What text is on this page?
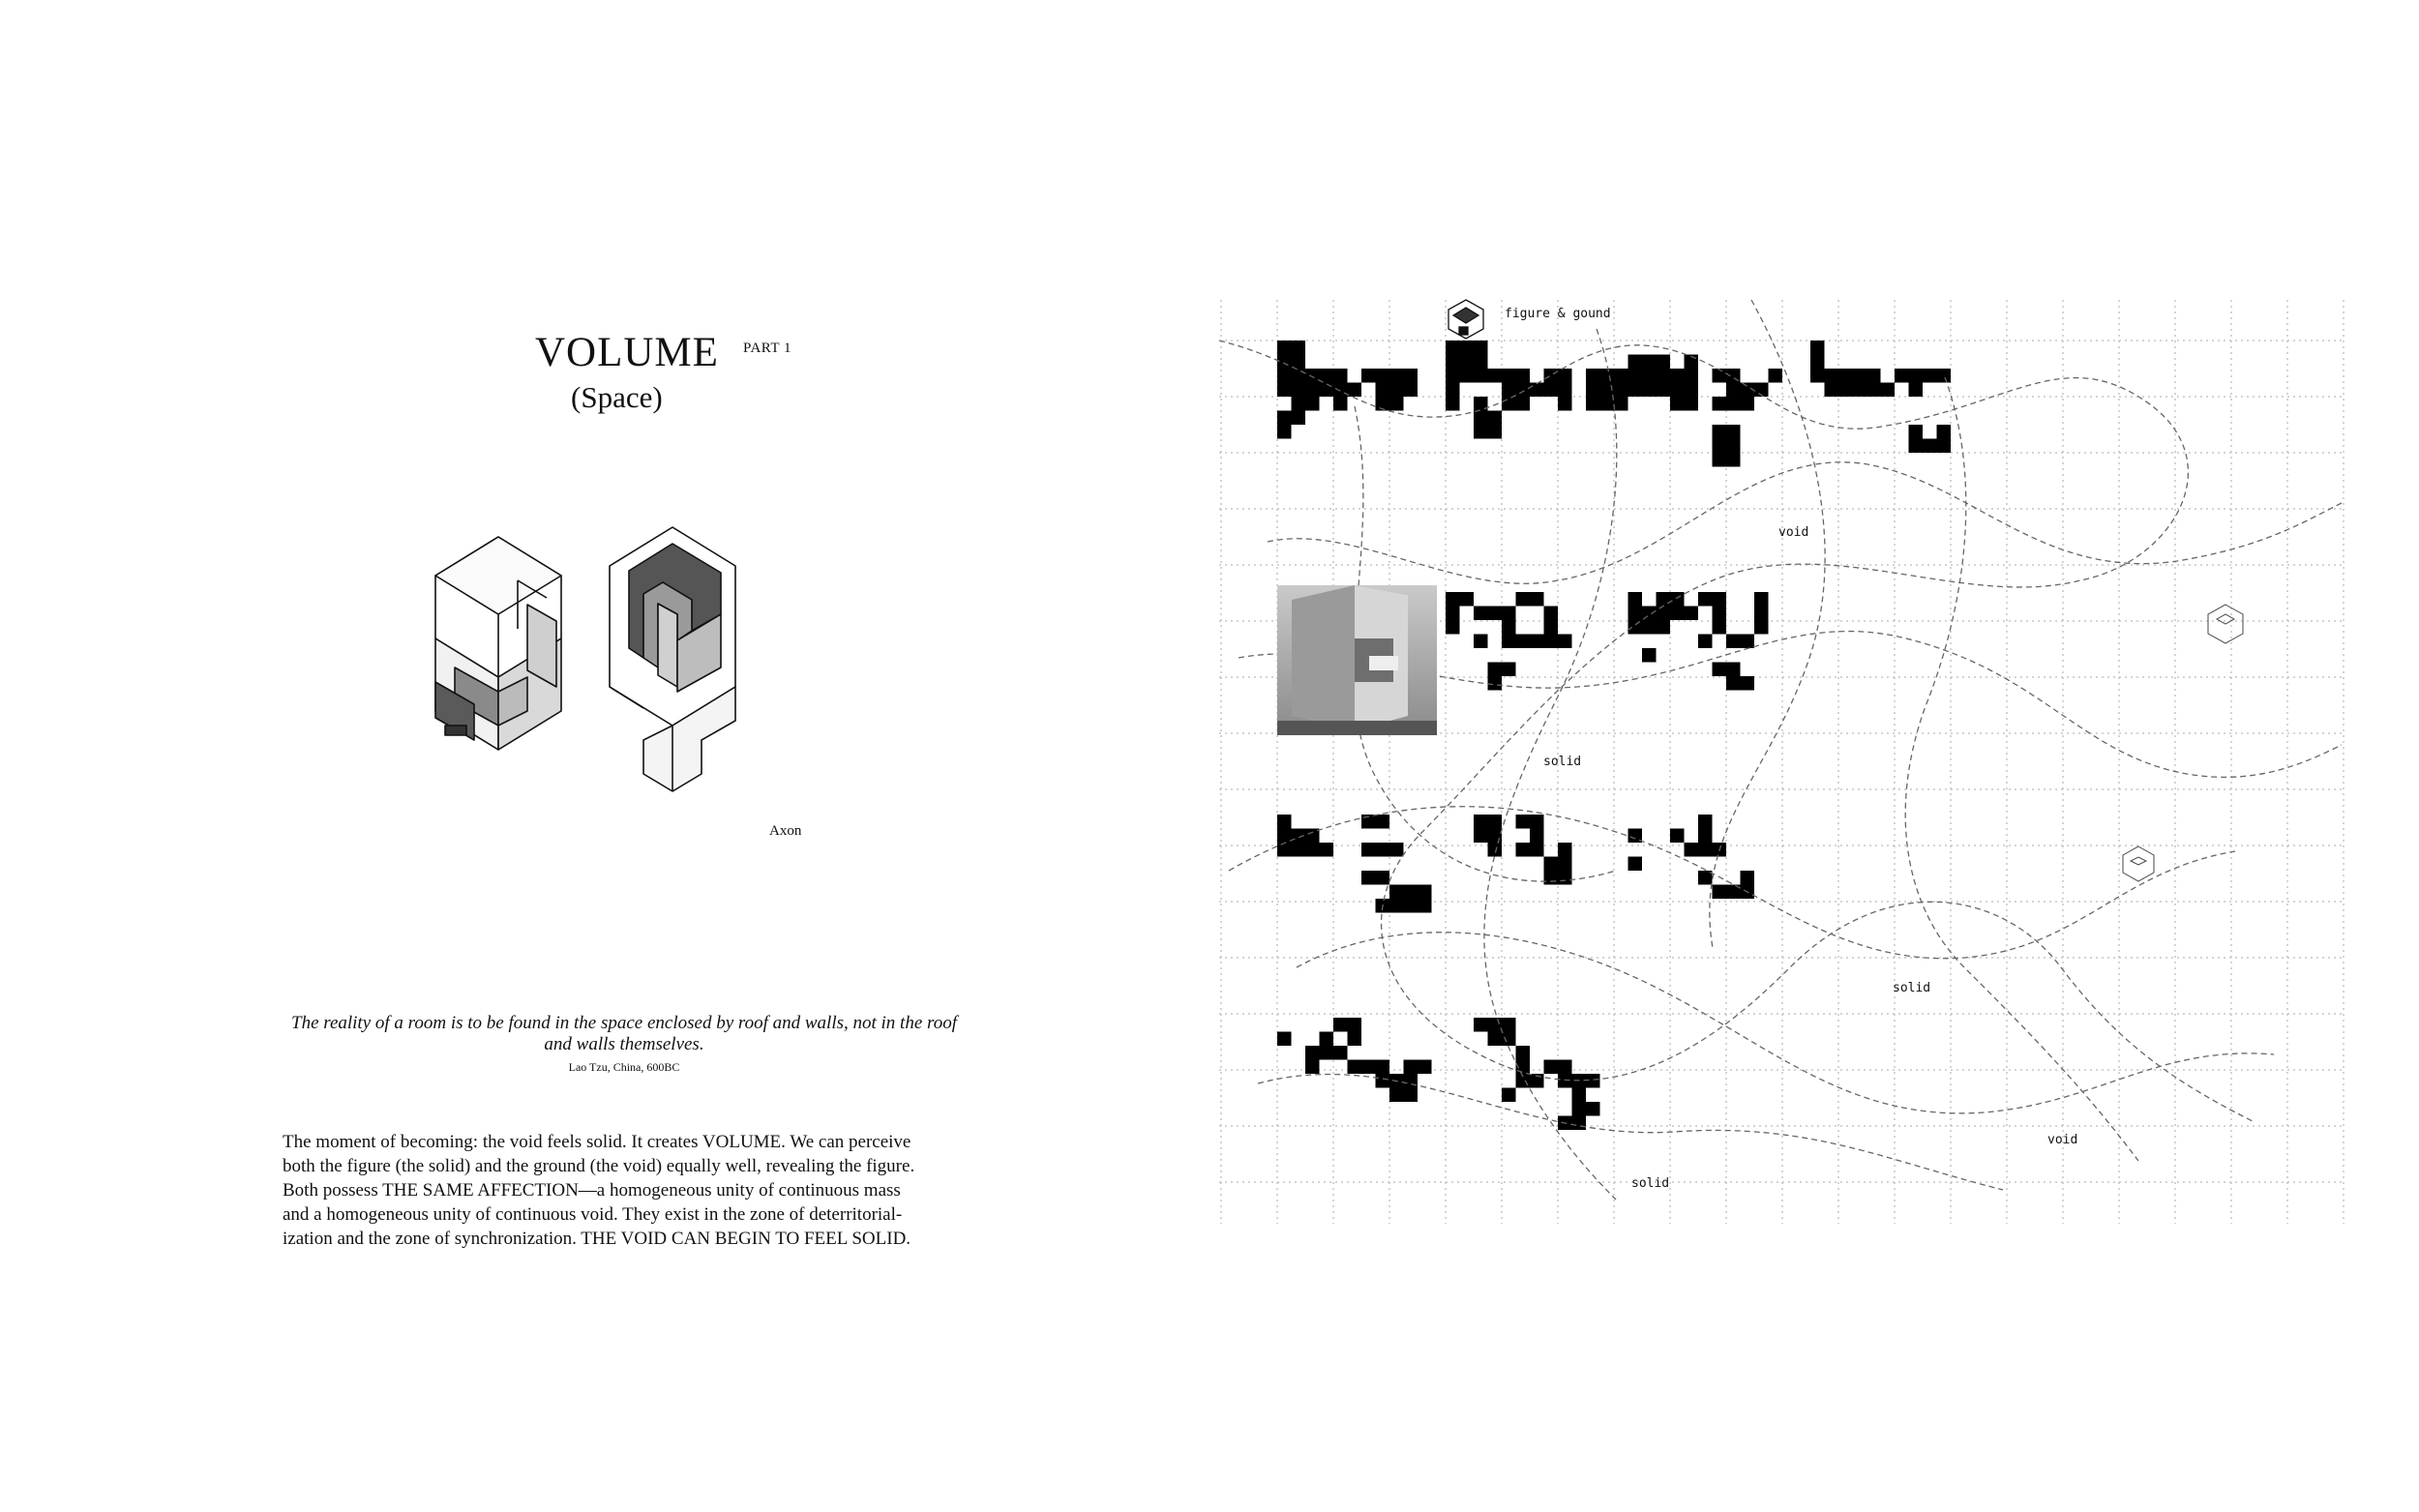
VOLUME PART 1
(Space)
Axon
The reality of a room is to be found in the space enclosed by roof and walls, not in the roof and walls themselves.
Lao Tzu, China, 600BC

The moment of becoming: the void feels solid. It creates VOLUME. We can perceive

both the figure (the solid) and the ground (the void) equally well, revealing the figure.

Both possess THE SAME AFFECTION—a homogeneous unity of continuous mass

and a homogeneous unity of continuous void. They exist in the zone of deterritorial-

ization and the zone of synchronization. THE VOID CAN BEGIN TO FEEL SOLID.

figure & gound
void
solid
solid
void
solid
